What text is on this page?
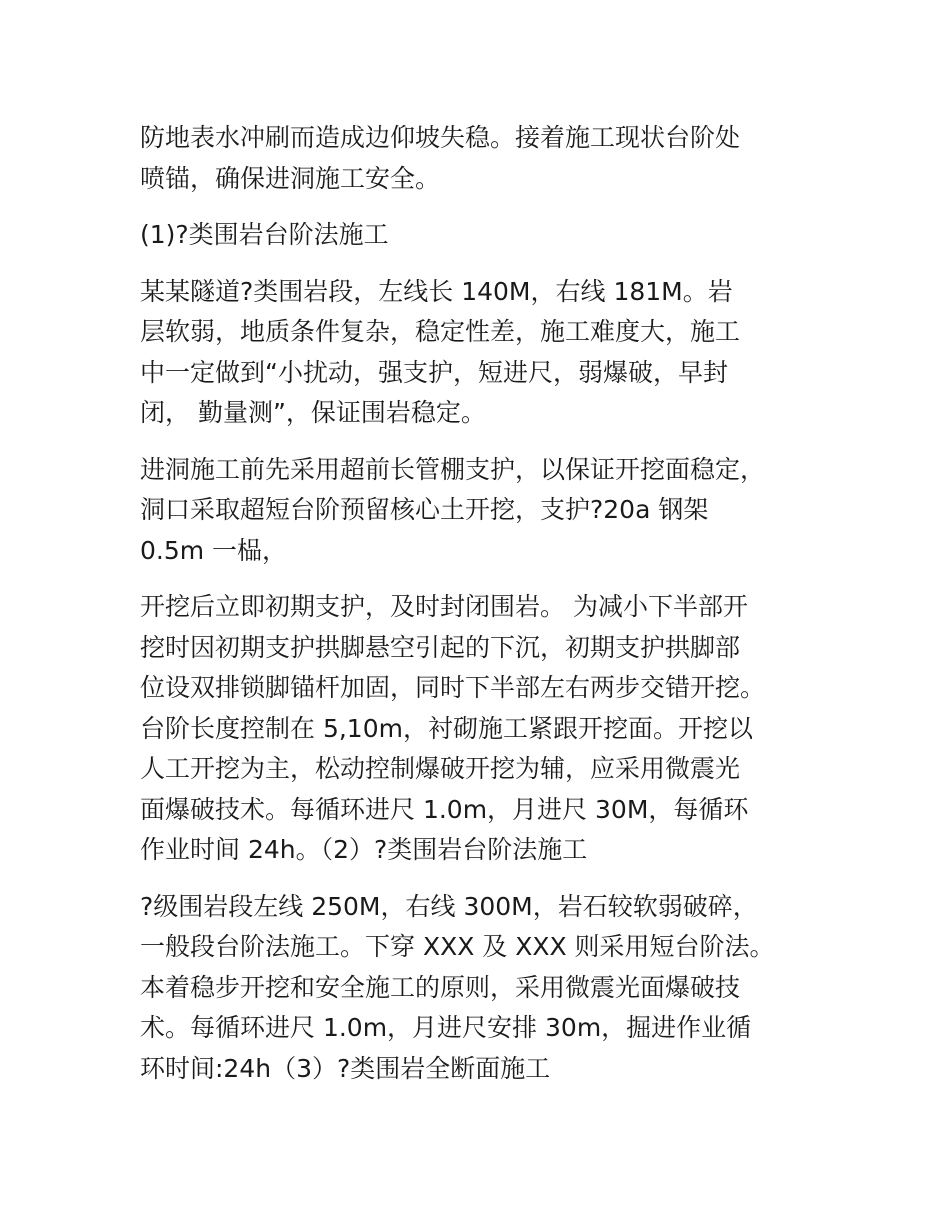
防地表水冲刷而造成边仰坡失稳。接着施工现状台阶处
喷锚，确保进洞施工安全。
(1)?类围岩台阶法施工
某某隧道?类围岩段，左线长 140M，右线 181M。岩
层软弱，地质条件复杂，稳定性差，施工难度大，施工
中一定做到“小扰动，强支护，短进尺，弱爆破，早封
闭， 勤量测”，保证围岩稳定。
进洞施工前先采用超前长管棚支护，以保证开挖面稳定，
洞口采取超短台阶预留核心土开挖，支护?20a 钢架
0.5m 一榀，
开挖后立即初期支护，及时封闭围岩。 为减小下半部开
挖时因初期支护拱脚悬空引起的下沉，初期支护拱脚部
位设双排锁脚锚杆加固，同时下半部左右两步交错开挖。
台阶长度控制在 5,10m，衬砌施工紧跟开挖面。开挖以
人工开挖为主，松动控制爆破开挖为辅，应采用微震光
面爆破技术。每循环进尺 1.0m，月进尺 30M，每循环
作业时间 24h。（2）?类围岩台阶法施工
?级围岩段左线 250M，右线 300M，岩石较软弱破碎，
一般段台阶法施工。下穿 XXX 及 XXX 则采用短台阶法。
本着稳步开挖和安全施工的原则，采用微震光面爆破技
术。每循环进尺 1.0m，月进尺安排 30m，掘进作业循
环时间:24h（3）?类围岩全断面施工
